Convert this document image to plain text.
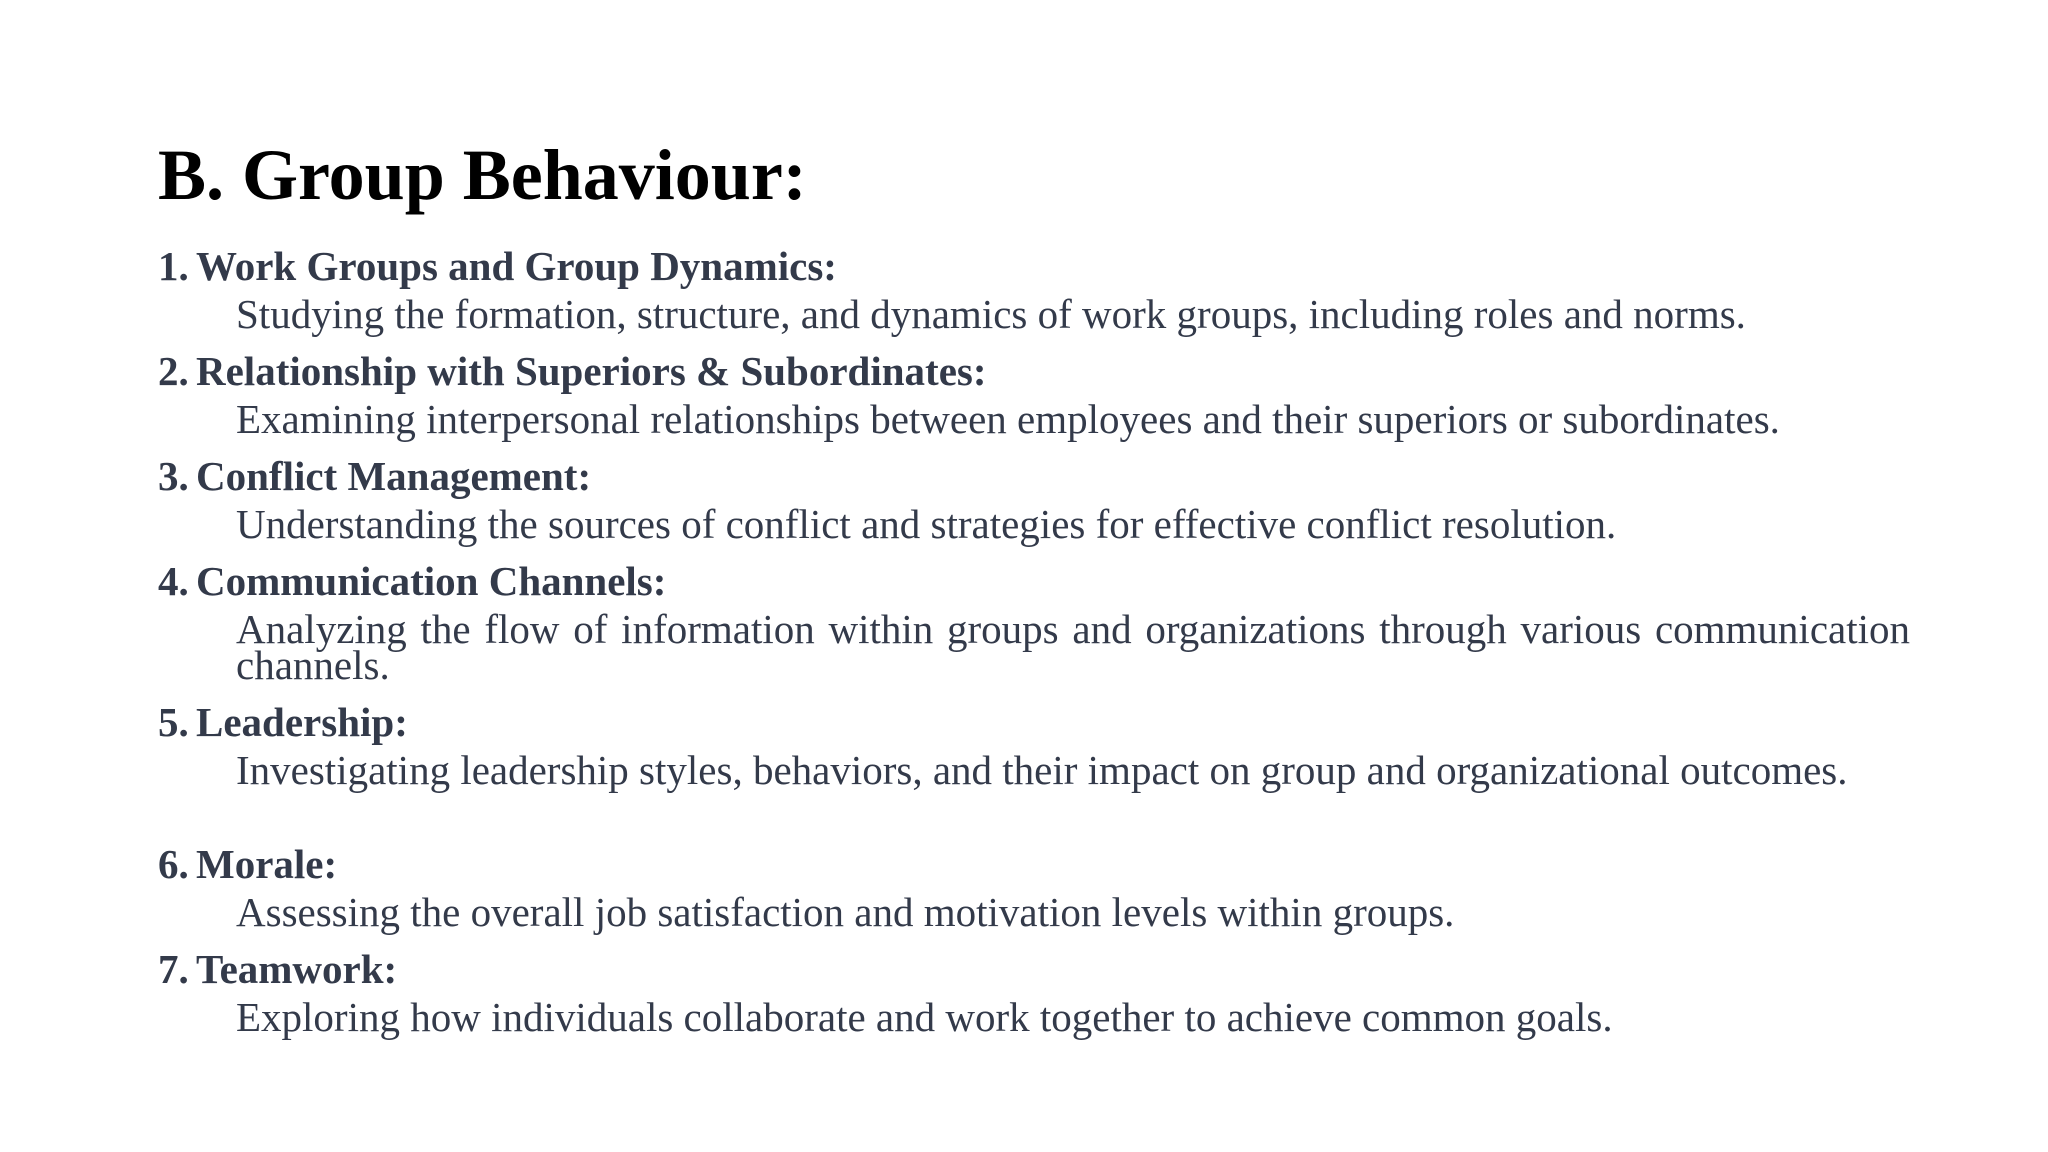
B. Group Behaviour:
1. Work Groups and Group Dynamics:
Studying the formation, structure, and dynamics of work groups, including roles and norms.
2. Relationship with Superiors & Subordinates:
Examining interpersonal relationships between employees and their superiors or subordinates.
3. Conflict Management:
Understanding the sources of conflict and strategies for effective conflict resolution.
4. Communication Channels:
Analyzing the flow of information within groups and organizations through various communication channels.
5. Leadership:
Investigating leadership styles, behaviors, and their impact on group and organizational outcomes.
6. Morale:
Assessing the overall job satisfaction and motivation levels within groups.
7. Teamwork:
Exploring how individuals collaborate and work together to achieve common goals.
